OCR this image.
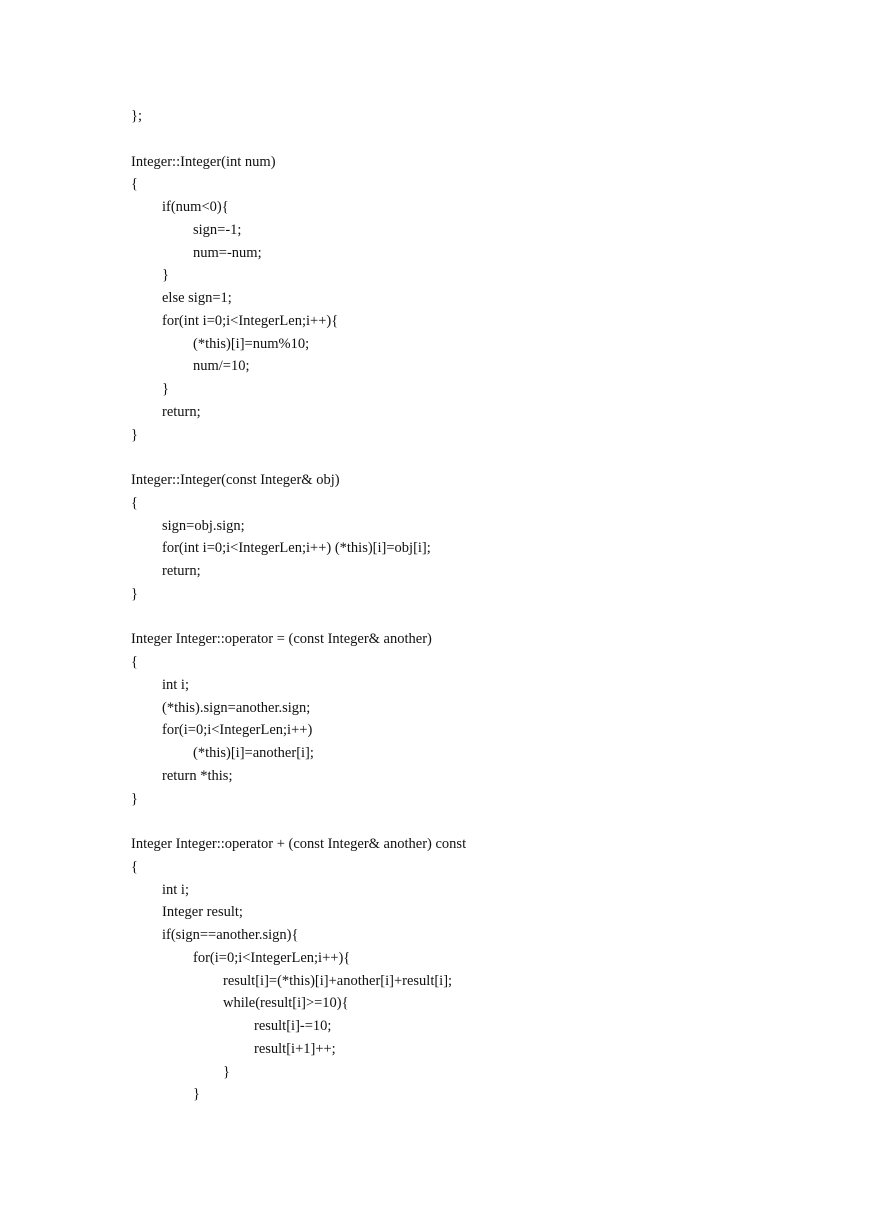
};
Integer::Integer(int num)
{
if(num<0){
sign=-1;
num=-num;
}
else sign=1;
for(int i=0;i<IntegerLen;i++){
(*this)[i]=num%10;
num/=10;
}
return;
}
Integer::Integer(const Integer& obj)
{
sign=obj.sign;
for(int i=0;i<IntegerLen;i++) (*this)[i]=obj[i];
return;
}
Integer Integer::operator = (const Integer& another)
{
int i;
(*this).sign=another.sign;
for(i=0;i<IntegerLen;i++)
(*this)[i]=another[i];
return *this;
}
Integer Integer::operator + (const Integer& another) const
{
int i;
Integer result;
if(sign==another.sign){
for(i=0;i<IntegerLen;i++){
result[i]=(*this)[i]+another[i]+result[i];
while(result[i]>=10){
result[i]-=10;
result[i+1]++;
}
}
